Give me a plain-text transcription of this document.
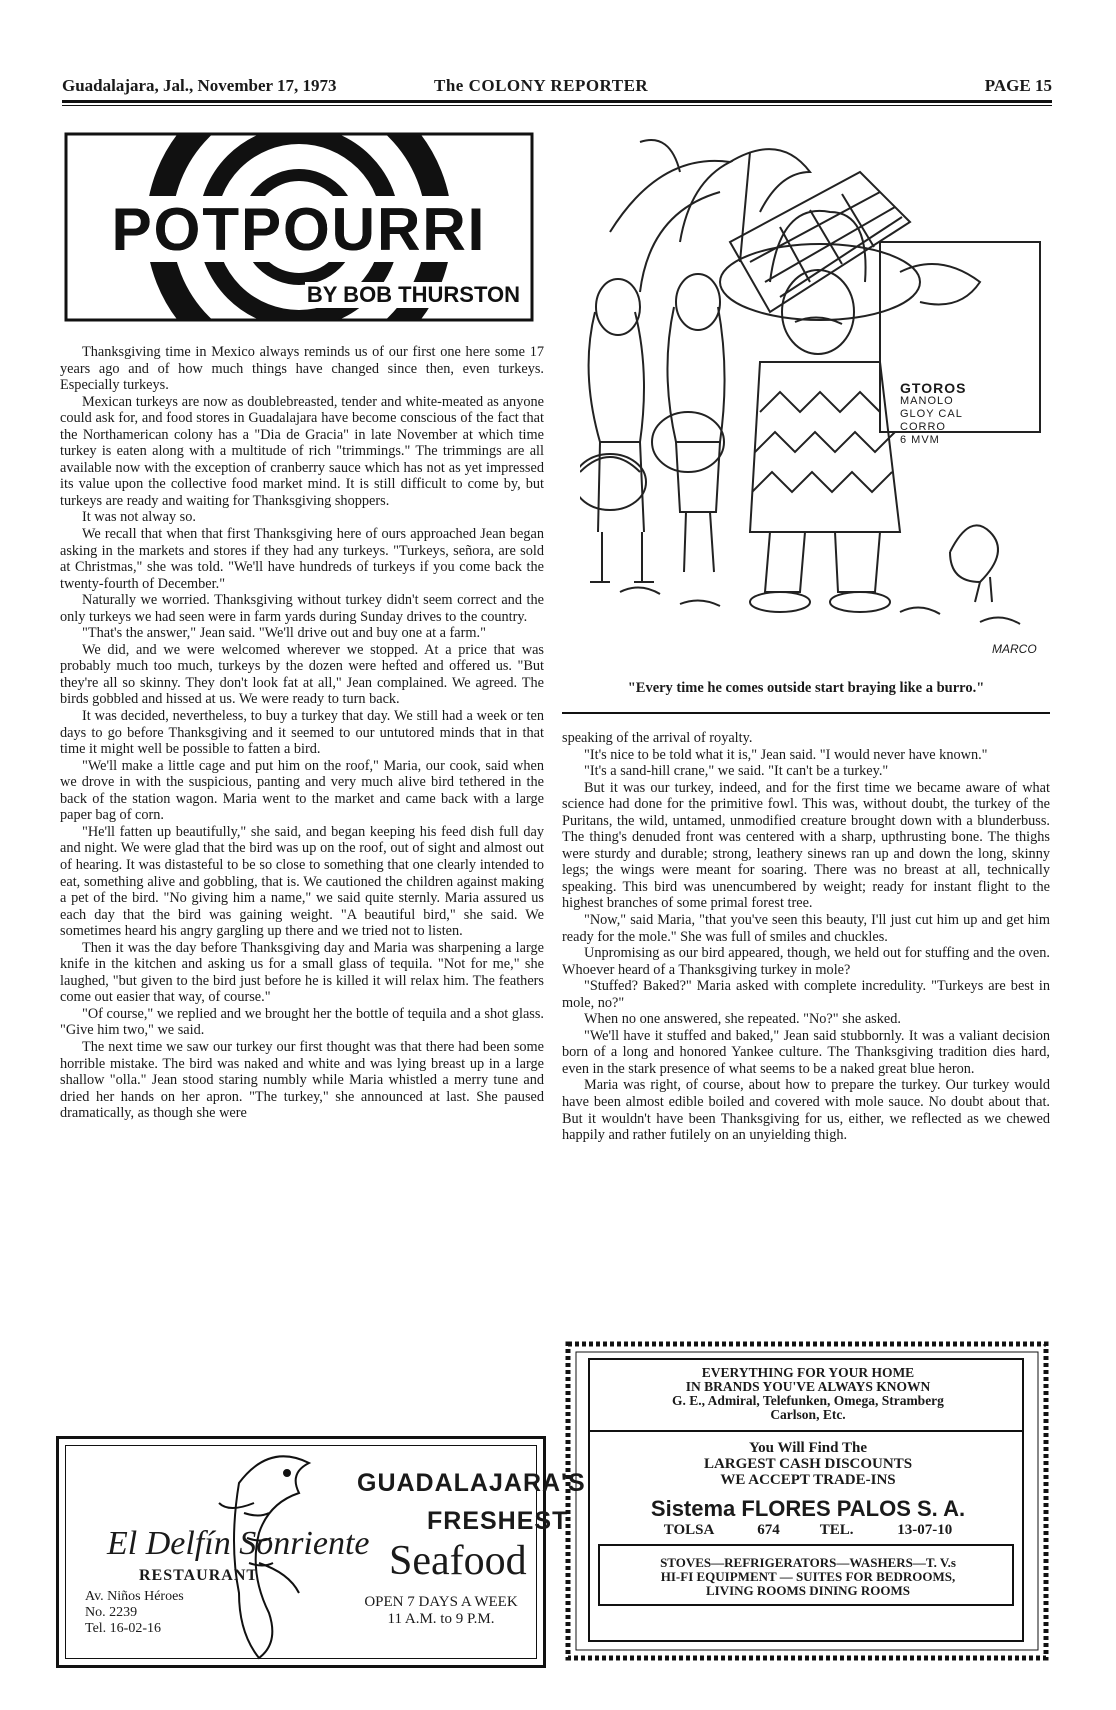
Guadalajara, Jal., November 17, 1973	The COLONY REPORTER	PAGE 15
POTPOURRI
BY BOB THURSTON

Thanksgiving time in Mexico always reminds us of our first one here some 17 years ago and of how much things have changed since then, even turkeys. Especially turkeys.

Mexican turkeys are now as doublebreasted, tender and white-meated as anyone could ask for, and food stores in Guadalajara have become conscious of the fact that the Northamerican colony has a "Dia de Gracia" in late November at which time turkey is eaten along with a multitude of rich "trimmings." The trimmings are all available now with the exception of cranberry sauce which has not as yet impressed its value upon the collective food market mind. It is still difficult to come by, but turkeys are ready and waiting for Thanksgiving shoppers.

It was not alway so.

We recall that when that first Thanksgiving here of ours approached Jean began asking in the markets and stores if they had any turkeys. "Turkeys, señora, are sold at Christmas," she was told. "We'll have hundreds of turkeys if you come back the twenty-fourth of December."

Naturally we worried. Thanksgiving without turkey didn't seem correct and the only turkeys we had seen were in farm yards during Sunday drives to the country.

"That's the answer," Jean said. "We'll drive out and buy one at a farm."

We did, and we were welcomed wherever we stopped. At a price that was probably much too much, turkeys by the dozen were hefted and offered us. "But they're all so skinny. They don't look fat at all," Jean complained. We agreed. The birds gobbled and hissed at us. We were ready to turn back.

It was decided, nevertheless, to buy a turkey that day. We still had a week or ten days to go before Thanksgiving and it seemed to our untutored minds that in that time it might well be possible to fatten a bird.

"We'll make a little cage and put him on the roof," Maria, our cook, said when we drove in with the suspicious, panting and very much alive bird tethered in the back of the station wagon. Maria went to the market and came back with a large paper bag of corn.

"He'll fatten up beautifully," she said, and began keeping his feed dish full day and night. We were glad that the bird was up on the roof, out of sight and almost out of hearing. It was distasteful to be so close to something that one clearly intended to eat, something alive and gobbling, that is. We cautioned the children against making a pet of the bird. "No giving him a name," we said quite sternly. Maria assured us each day that the bird was gaining weight. "A beautiful bird," she said. We sometimes heard his angry gargling up there and we tried not to listen.

Then it was the day before Thanksgiving day and Maria was sharpening a large knife in the kitchen and asking us for a small glass of tequila. "Not for me," she laughed, "but given to the bird just before he is killed it will relax him. The feathers come out easier that way, of course."

"Of course," we replied and we brought her the bottle of tequila and a shot glass. "Give him two," we said.

The next time we saw our turkey our first thought was that there had been some horrible mistake. The bird was naked and white and was lying breast up in a large shallow "olla." Jean stood staring numbly while Maria whistled a merry tune and dried her hands on her apron. "The turkey," she announced at last. She paused dramatically, as though she were

MARCO
GTOROS
MANOLO
GLOY CAL
CORRO
6 MVM
"Every time he comes outside start braying like a burro."

speaking of the arrival of royalty.

"It's nice to be told what it is," Jean said. "I would never have known."

"It's a sand-hill crane," we said. "It can't be a turkey."

But it was our turkey, indeed, and for the first time we became aware of what science had done for the primitive fowl. This was, without doubt, the turkey of the Puritans, the wild, untamed, unmodified creature brought down with a blunderbuss. The thing's denuded front was centered with a sharp, upthrusting bone. The thighs were sturdy and durable; strong, leathery sinews ran up and down the long, skinny legs; the wings were meant for soaring. There was no breast at all, technically speaking. This bird was unencumbered by weight; ready for instant flight to the highest branches of some primal forest tree.

"Now," said Maria, "that you've seen this beauty, I'll just cut him up and get him ready for the mole." She was full of smiles and chuckles.

Unpromising as our bird appeared, though, we held out for stuffing and the oven. Whoever heard of a Thanksgiving turkey in mole?

"Stuffed? Baked?" Maria asked with complete incredulity. "Turkeys are best in mole, no?"

When no one answered, she repeated. "No?" she asked.

"We'll have it stuffed and baked," Jean said stubbornly. It was a valiant decision born of a long and honored Yankee culture. The Thanksgiving tradition dies hard, even in the stark presence of what seems to be a naked great blue heron.

Maria was right, of course, about how to prepare the turkey. Our turkey would have been almost edible boiled and covered with mole sauce. No doubt about that. But it wouldn't have been Thanksgiving for us, either, we reflected as we chewed happily and rather futilely on an unyielding thigh.

GUADALAJARA'S
FRESHEST
Seafood
El Delfín Sonriente
RESTAURANT
Av. Niños Héroes
No. 2239
Tel. 16-02-16
OPEN 7 DAYS A WEEK
11 A.M. to 9 P.M.
EVERYTHING FOR YOUR HOME
IN BRANDS YOU'VE ALWAYS KNOWN
G. E., Admiral, Telefunken, Omega, Stramberg
Carlson, Etc.
You Will Find The
LARGEST CASH DISCOUNTS
WE ACCEPT TRADE-INS
Sistema FLORES PALOS S. A.
TOLSA 674	TEL. 13-07-10
STOVES—REFRIGERATORS—WASHERS—T. V.s
HI-FI EQUIPMENT — SUITES FOR BEDROOMS,
LIVING ROOMS DINING ROOMS
